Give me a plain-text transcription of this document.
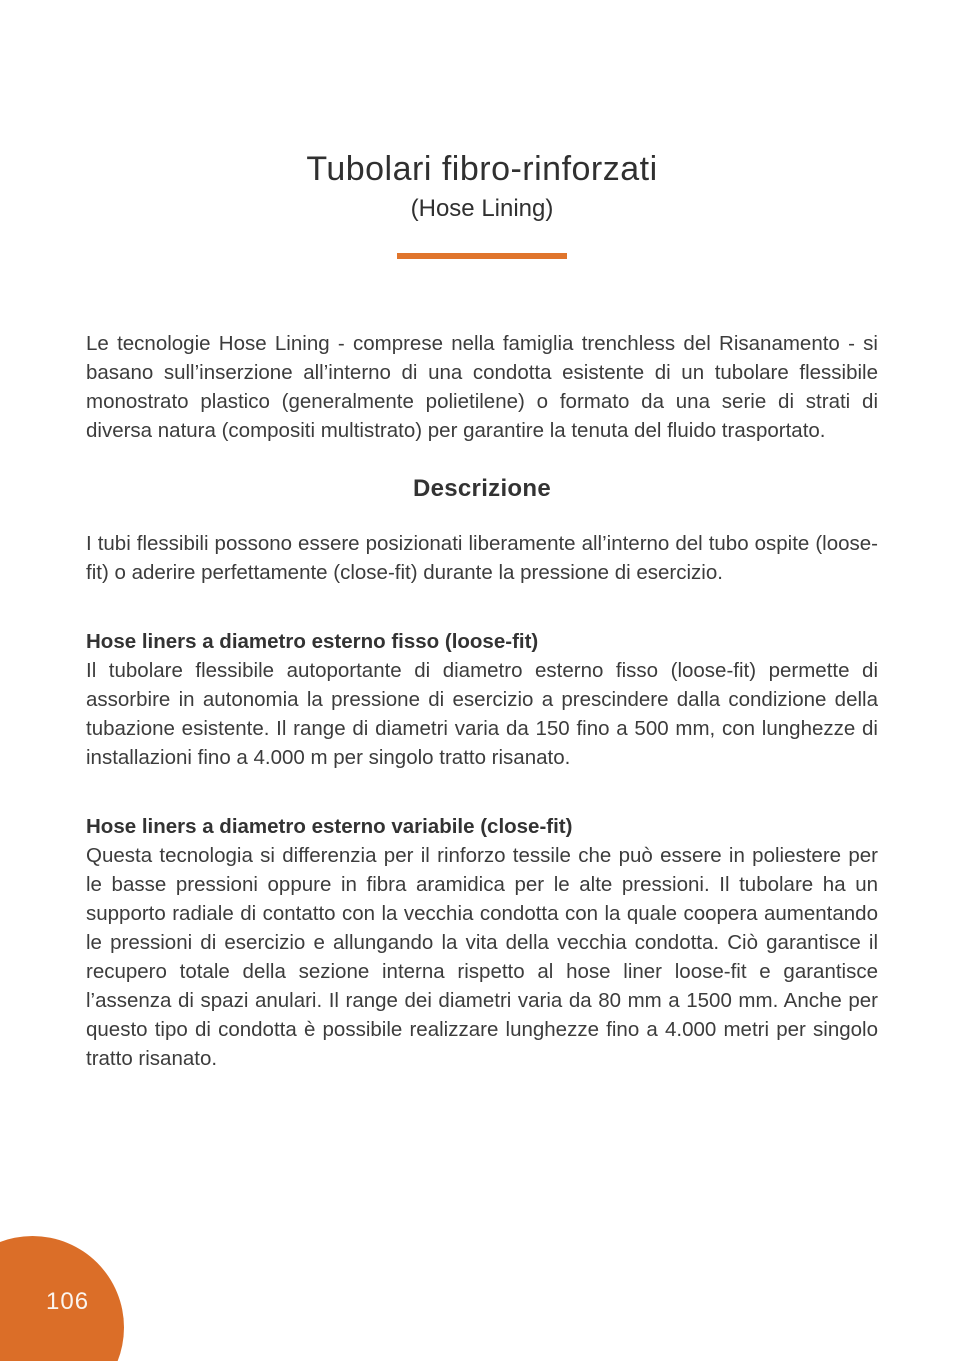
Tubolari fibro-rinforzati
(Hose Lining)

Le tecnologie Hose Lining - comprese nella famiglia trenchless del Risanamento - si basano sull’inserzione all’interno di una condotta esistente di un tubolare flessibile monostrato plastico (generalmente polietilene) o formato da una serie di strati di diversa natura (compositi multistrato) per garantire la tenuta del fluido trasportato.

Descrizione

I tubi flessibili possono essere posizionati liberamente all’interno del tubo ospite (loose-fit) o aderire perfettamente (close-fit) durante la pressione di esercizio.

Hose liners a diametro esterno fisso (loose-fit)

Il tubolare flessibile autoportante di diametro esterno fisso (loose-fit) permette di assorbire in autonomia la pressione di esercizio a prescindere dalla condizione della tubazione esistente. Il range di diametri varia da 150 fino a 500 mm, con lunghezze di installazioni fino a 4.000 m per singolo tratto risanato.

Hose liners a diametro esterno variabile (close-fit)

Questa tecnologia si differenzia per il rinforzo tessile che può essere in poliestere per le basse pressioni oppure in fibra aramidica per le alte pressioni. Il tubolare ha un supporto radiale di contatto con la vecchia condotta con la quale coopera aumentando le pressioni di esercizio e allungando la vita della vecchia condotta. Ciò garantisce il recupero totale della sezione interna rispetto al hose liner loose-fit e garantisce l’assenza di spazi anulari. Il range dei diametri varia da 80 mm a 1500 mm. Anche per questo tipo di condotta è possibile realizzare lunghezze fino a 4.000 metri per singolo tratto risanato.

106
